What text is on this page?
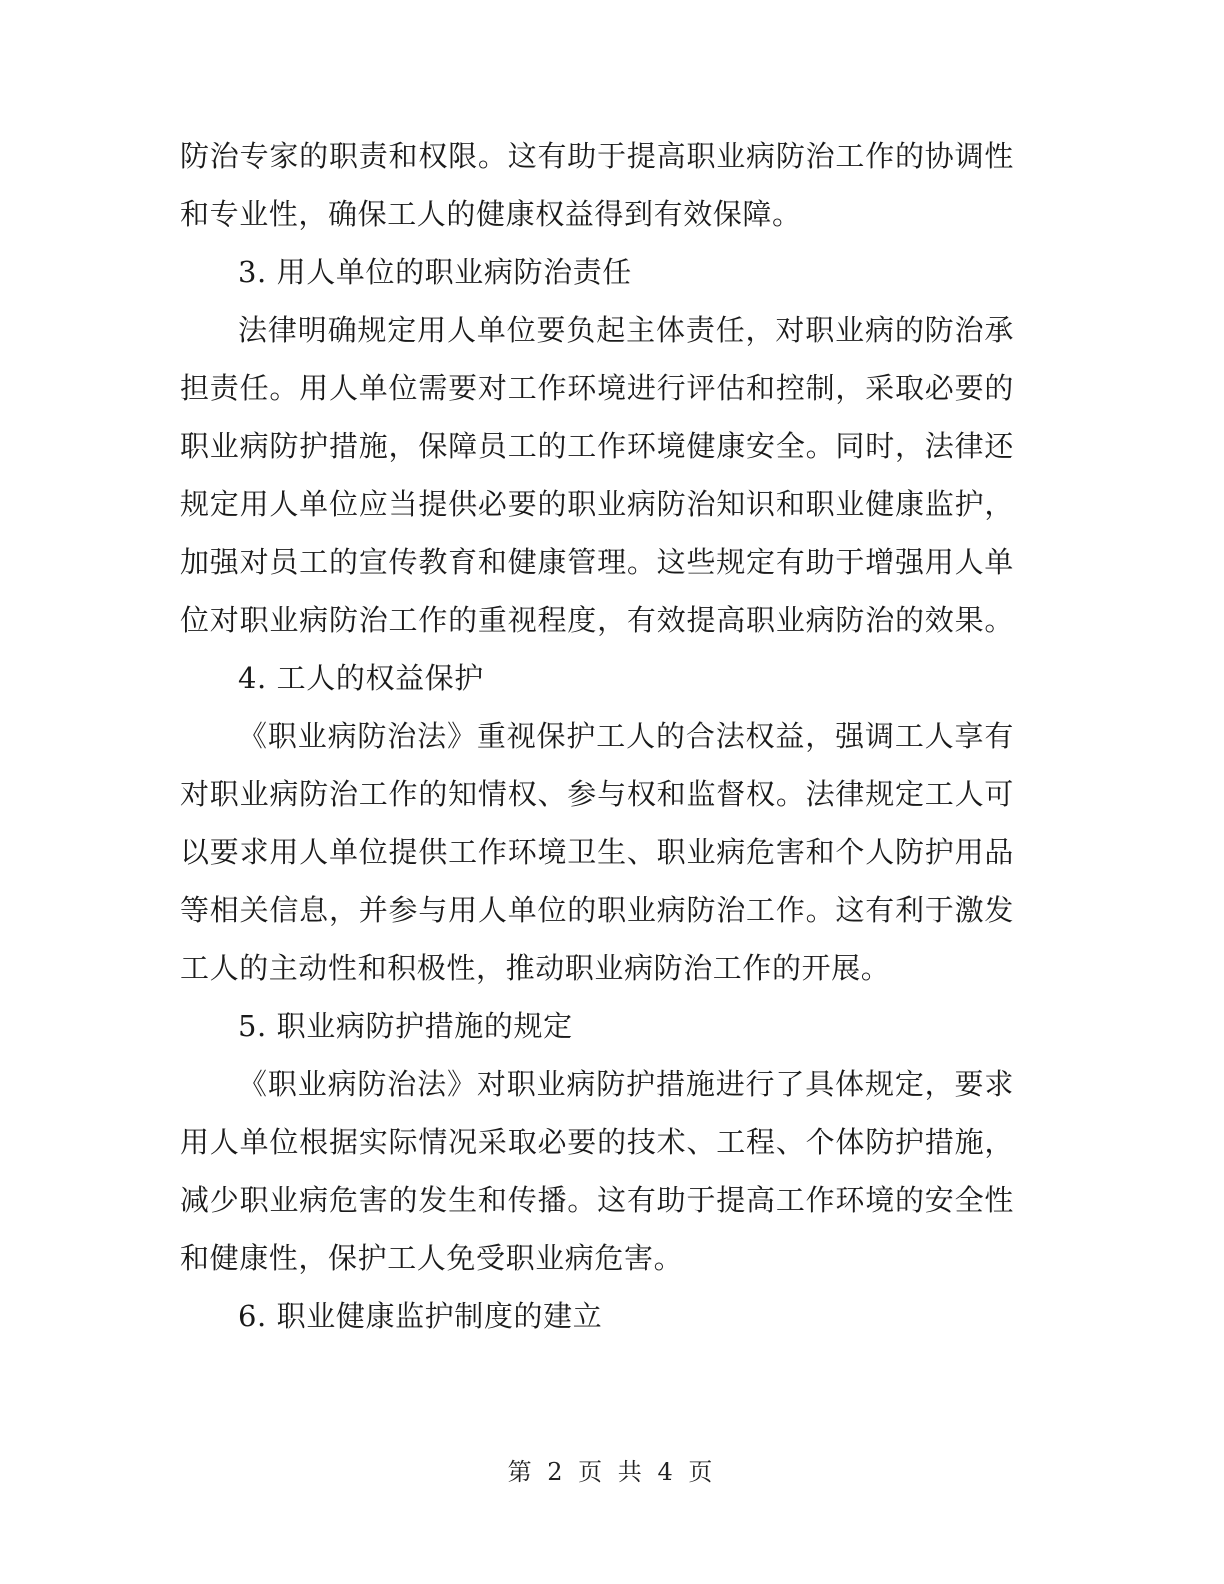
防治专家的职责和权限。这有助于提高职业病防治工作的协调性
和专业性，确保工人的健康权益得到有效保障。
3. 用人单位的职业病防治责任
法律明确规定用人单位要负起主体责任，对职业病的防治承
担责任。用人单位需要对工作环境进行评估和控制，采取必要的
职业病防护措施，保障员工的工作环境健康安全。同时，法律还
规定用人单位应当提供必要的职业病防治知识和职业健康监护，
加强对员工的宣传教育和健康管理。这些规定有助于增强用人单
位对职业病防治工作的重视程度，有效提高职业病防治的效果。
4. 工人的权益保护
《职业病防治法》重视保护工人的合法权益，强调工人享有
对职业病防治工作的知情权、参与权和监督权。法律规定工人可
以要求用人单位提供工作环境卫生、职业病危害和个人防护用品
等相关信息，并参与用人单位的职业病防治工作。这有利于激发
工人的主动性和积极性，推动职业病防治工作的开展。
5. 职业病防护措施的规定
《职业病防治法》对职业病防护措施进行了具体规定，要求
用人单位根据实际情况采取必要的技术、工程、个体防护措施，
减少职业病危害的发生和传播。这有助于提高工作环境的安全性
和健康性，保护工人免受职业病危害。
6. 职业健康监护制度的建立
第 2 页 共 4 页
